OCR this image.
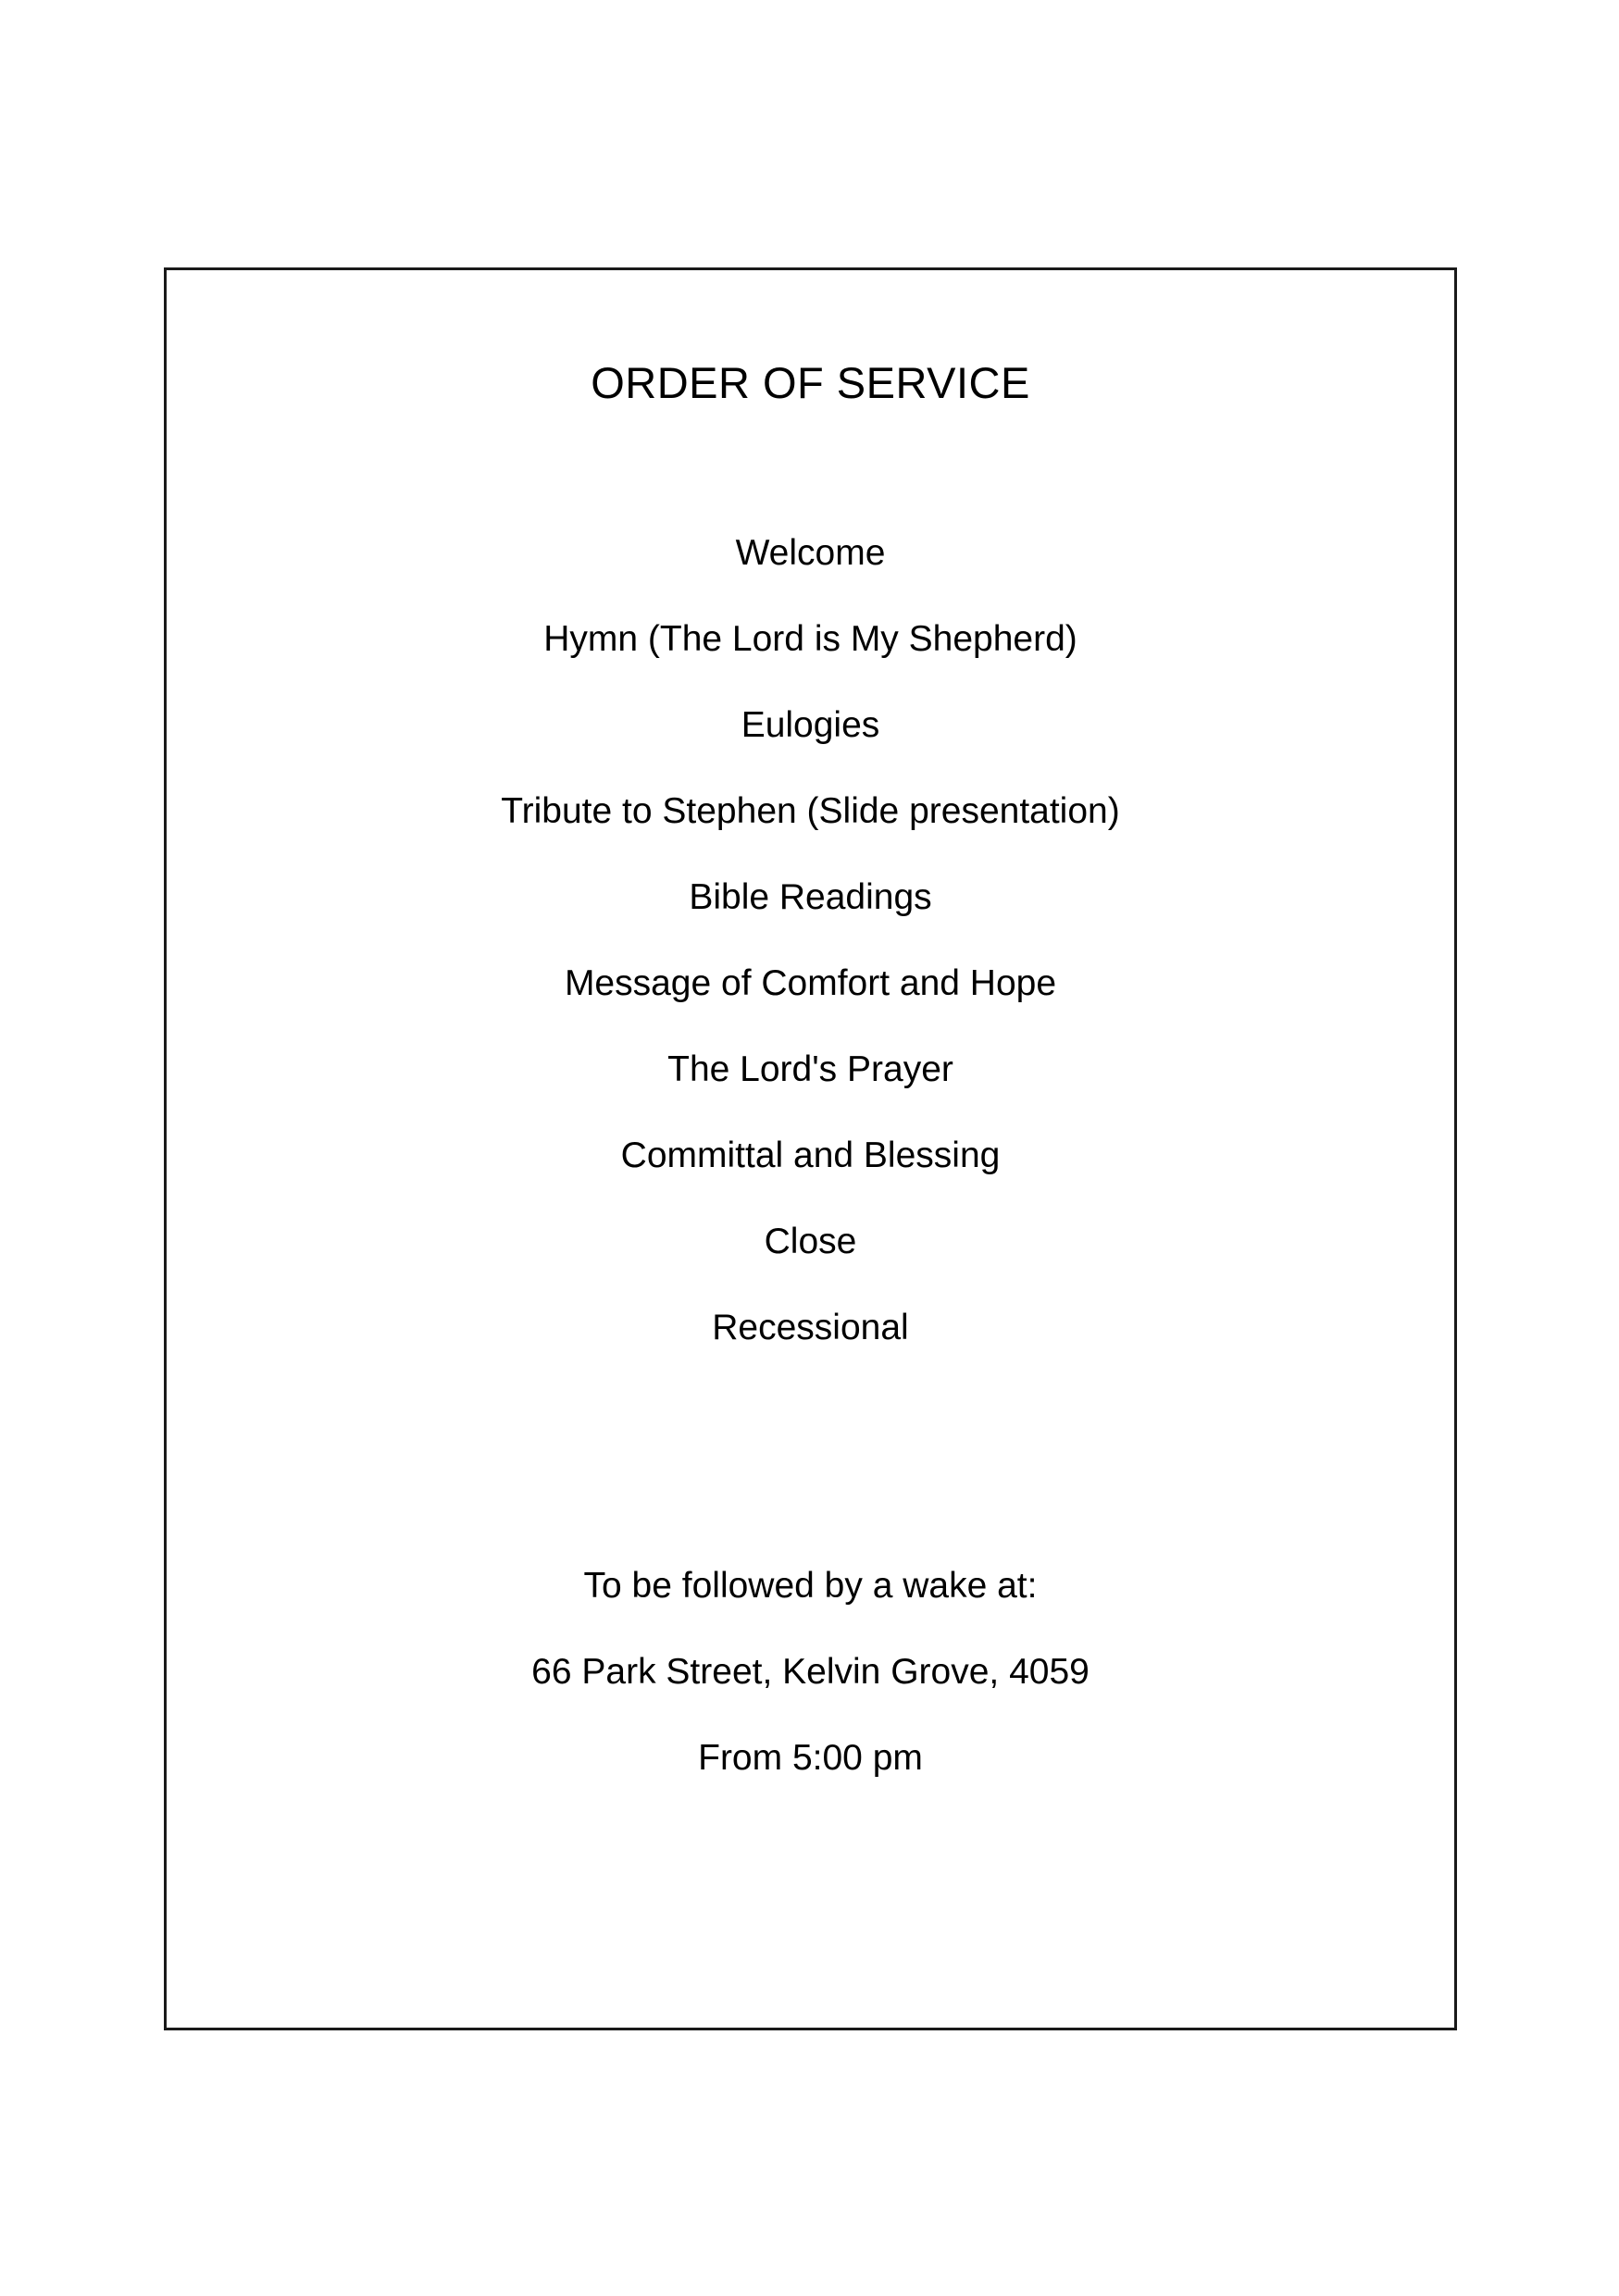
ORDER OF SERVICE
Welcome
Hymn (The Lord is My Shepherd)
Eulogies
Tribute to Stephen (Slide presentation)
Bible Readings
Message of Comfort and Hope
The Lord's Prayer
Committal and Blessing
Close
Recessional
To be followed by a wake at:
66 Park Street, Kelvin Grove, 4059
From 5:00 pm
